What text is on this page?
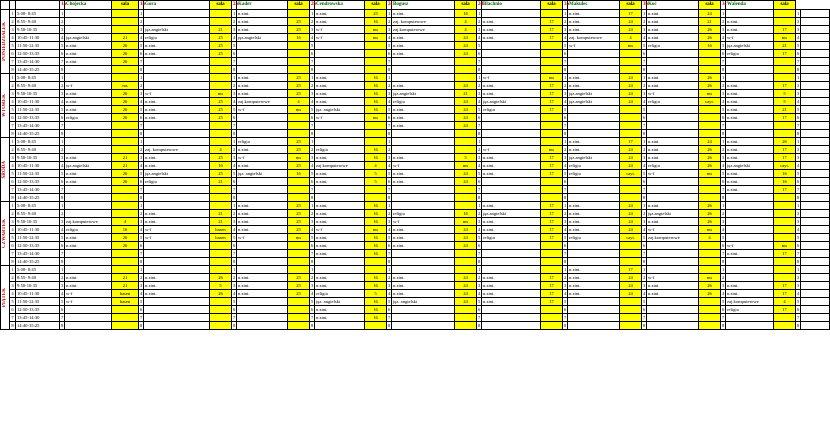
			1a	Chojecka	sala	1b	Gora	sala	2a	Kader	sala	2b	Cendrowska	sala	2c	Bogusz	sala	2d	Blachnio	sala	3a	Makulec	sala	3b	Koć	sala	3c	Walenda	sala		

PONIEDZIAŁEK	1	5:00- 8:45	1			1			1	n.zint.		1	n.zint.	25	1	n.zint.	16	1			1	n.zint.	17	1	n.zint.	24	1			1	
	2	8:55- 9:40	2			2			2	n.zint.	25	2	n.zint.	16	2	zaj. komputerowe	4	2	n.zint.	17	2	n.zint.	24	2	n.zint.	21	2	n.zint.		2	
	3	9:50-10:35	3			3	jęz.angielski	21	3	n.zint.	25	3	w-f	ms	3	zaj.komputerowe	4	3	n.zint.	17	3	n.zint.	24	3	n.zint.	26	3	n.zint.	17	3	
	4	10:45-11:30	4	jęz.angielski	21	4	religia	25	4	jęz.angielski	16	4	w-f	ms	4	n.zint.	24	4	n.zint.	17	4	zaj. komputerowe	4	4	n.zint.	26	4	w-f	ms	4	
	5	11:50-12:35	5	n.zint.	26	5	n.zint.	25	5			5			5	n.zint.	24	5			5	w-f	ms	5	religia	16	5	jęz.angielski	21	5	
	6	12:50-13:35	6	n.zint.	26	6	n.zint.	25	6			6			6	n.zint.	24	6			6			6			6	religia	17	6	
	7	13:45-14:30	7	n.zint.	26	7			7			7			7			7			7			7			7			7	
	8	14:40-15:25	8			8			8			8			8			8			8			8			8			8	

WTOREK	1	5:00- 8:45	1			1			1	n.zint.	25	1	n.zint.	16	1			1	w-f	ms	1	n.zint.	24	1	n.zint.	26	1			1	
	2	8:55- 9:40	2	w-f	ms	2			2	n.zint.	25	2	n.zint.	16	2	n.zint.	24	2	n.zint.	17	2	n.zint.	24	2	n.zint.	26	2	n.zint.	17	2	
	3	9:50-10:35	3	n.zint.	26	3	w-f	ms	3	n.zint.	25	3	n.zint.	16	3	jęz.angielski	21	3	n.zint.	17	3	jęz.angielski	24	3	w-f	ms	3	n.zint.	5	3	
	4	10:45-11:30	4	n.zint.	26	4	n.zint.	25	4	zaj.komputerowe	4	4	n.zint.	16	4	religia	24	4	jęz.angielski	17	4	jęz.angielski	24	4	religia	cayt.	4	n.zint.	5	4	
	5	11:50-12:35	5	n.zint.	26	5	n.zint.	25	5	w-f	ms	5	jęz. angielski	16	5	n.zint.	24	5	religia	17	5			5			5	n.zint.	21	5	
	6	12:50-13:35	6	religia	26	6	n.zint.	25	6			6	w-f	ms	6	n.zint.	24	6			6			6			6	n.zint.	17	6	
	7	13:45-14:30	7			7			7			7			7	n.zint.	24	7			7			7			7			7	
	8	14:40-15:25	8			8			8			8			8			8			8			8			8			8	

ŚRODA	1	5:00- 8:45	1			1			1	religia	25	1			1			1			1	n.zint.	17	1	n.zint.	24	1	n.zint.	26	1	
	2	8:55- 9:40	2			2	zaj. komputerowe	4	2	n.zint.	25	2	religia	16	2			2	w-f	ms	2	n.zint.	24	2	n.zint.	26	2	n.zint.	17	2	
	3	9:50-10:35	3	n.zint.	21	3	n.zint.	25	3	w-f	ms	3	n.zint.	16	3	n.zint.	5	3	n.zint.	17	3	jęz.angielski	24	3	n.zint.	26	3	n.zint.	17	3	
	4	10:45-11:30	4	jęz.angielski	21	4	n.zint.	16	4	n.zint.	25	4	zaj.komputerowe	4	4	w-f	ms	4	n.zint.	17	4	religia	24	4	religia	26	4	jęz.angielski	cayt.	4	
	5	11:50-12:35	5	n.zint.	26	5	jęz.angielski	25	5	jęz. angielski	16	5	n.zint.	5	5	n.zint.	24	5	n.zint.	17	5	religia	cayt.	5	w-f	ms	5	n.zint.	16	5	
	6	12:50-13:35	6	n.zint.	26	6	religia	21	6			6	n.zint.	5	6	n.zint.	24	6			6			6			6	n.zint.	16	6	
	7	13:45-14:30	7			7			7			7			7			7			7			7			7	n.zint.	17	7	
	8	14:40-15:25	8			8			8			8			8			8			8			8			8			8	

CZWARTEK	1	5:00- 8:45	1			1			1	n.zint.	25	1	n.zint.	16	1			1	n.zint.	17	1	n.zint.	24	1	n.zint.	26	1			1	
	2	8:55- 9:40	2			2	n.zint.	21	2	n.zint.	25	2	n.zint.	16	2	religia	16	2	jęz.angielski	17	2	n.zint.	24	2	jęz.angielski	26	2			2	
	3	9:50-10:35	3	zaj.komputerowe	4	3	n.zint.	21	3	n.zint.	25	3	n.zint.	16	3	w-f	ms	3	n.zint.	17	3	n.zint.	24	3	n.zint.	26	3			3	
	4	10:45-11:30	4	religia	16	4	w-f	basen	4	n.zint.	25	4	w-f	ms	4	n.zint.	24	4	n.zint.	17	4	n.zint.	24	4	w-f	ms	4			4	
	5	11:50-12:35	5	n.zint.	26	5	w-f	basen	5	w-f	ms	5	n.zint.	16	5	n.zint.	24	5	religia	17	5	religia	cayt.	5	zaj.komputerowe	4	5			5	
	6	12:50-13:35	6	n.zint.	26	6			6			6	n.zint.	16	6	n.zint.	24	6			6			6			6	w-f	ms	6	
	7	13:45-14:30	7			7			7			7	n.zint.	16	7			7			7			7			7	n.zint.	17	7	
	8	14:40-15:25	8			8			8			8			8			8			8			8			8			8	

PIĄTEK	1	5:00- 8:45	1			1			1			1			1			1			1	n.zint.	17	1			1			1	
	2	8:55- 9:40	2	n.zint.	21	2	n.zint.	26	2	n.zint.	25	2	n.zint.	16	2	n.zint.	24	2	n.zint.	17	2	n.zint.	24	2	w-f	ms	2			2	
	3	9:50-10:35	3	n.zint.	21	3	n.zint.	5	3	n.zint.	25	3	n.zint.	16	3	n.zint.	24	3	n.zint.	17	3	n.zint.	24	3	n.zint.	26	3	n.zint.	17	3	
	4	10:45-11:30	4	w-f	basen	4	n.zint.	26	4	n.zint.	25	4	religia	5	4	n.zint.	24	4	n.zint.	17	4	n.zint.	24	4	n.zint.	26	4	n.zint.	17	4	
	5	11:50-12:35	5	w-f	basen	5			5			5	jęz. angielski	16	5	jęz. angielski	24	5	n.zint.	17	5			5			5	zaj.komputerowe	4	5	
	6	12:50-13:35	6			6			6			6	n.zint.	16	6			6			6			6			6	religia	17	6	
	7	13:45-14:30	7			7			7			7	n.zint.	16	7			7			7			7			7			7	
	8	14:40-15:25	8			8			8			8			8			8			8			8			8			8	
